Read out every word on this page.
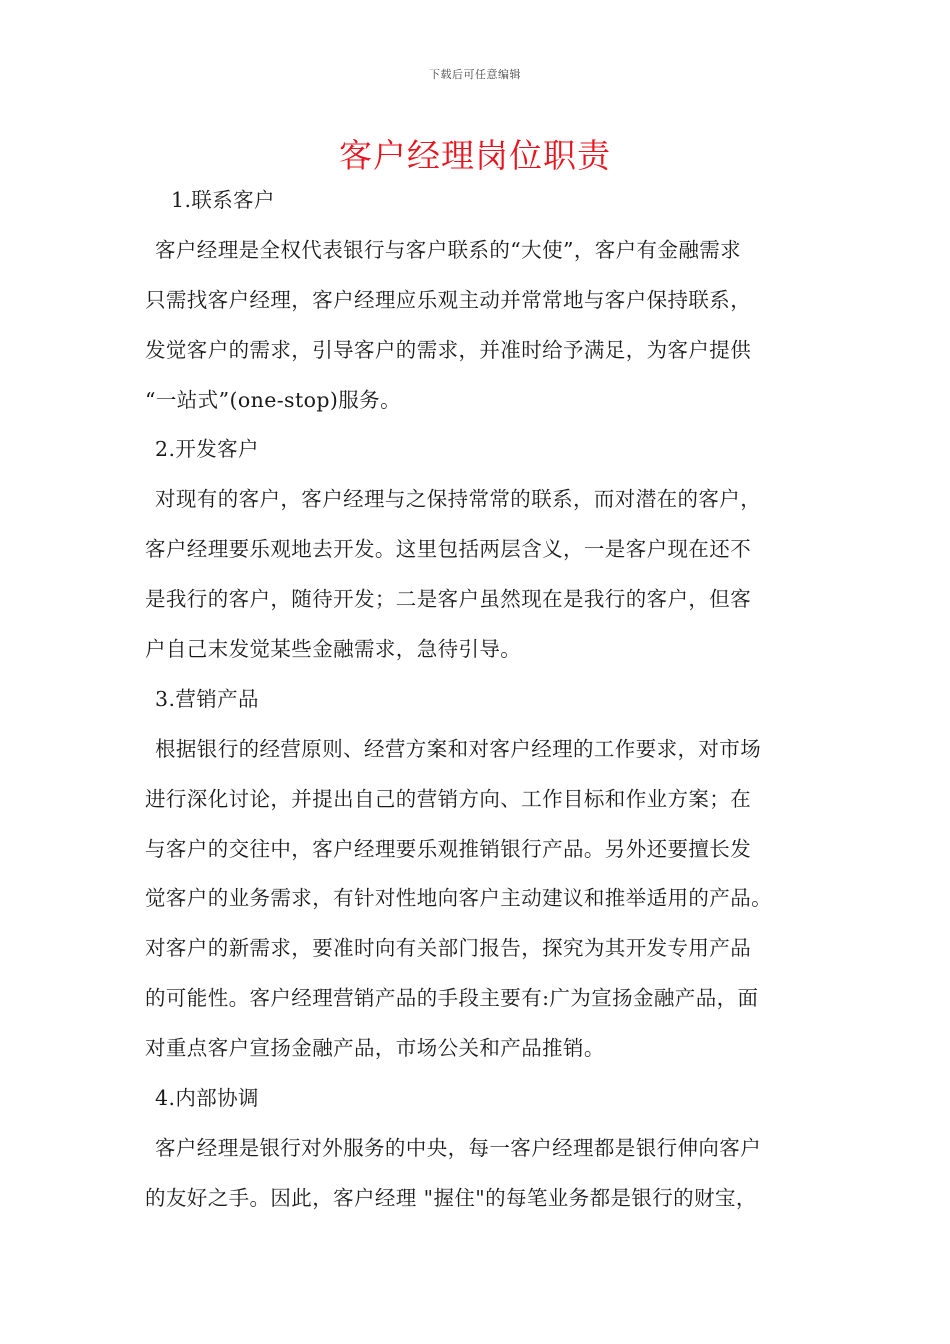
下载后可任意编辑
客户经理岗位职责
1.联系客户
客户经理是全权代表银行与客户联系的“大使”，客户有金融需求
只需找客户经理，客户经理应乐观主动并常常地与客户保持联系，
发觉客户的需求，引导客户的需求，并准时给予满足，为客户提供
“一站式”(one-stop)服务。
2.开发客户
对现有的客户，客户经理与之保持常常的联系，而对潜在的客户，
客户经理要乐观地去开发。这里包括两层含义，一是客户现在还不
是我行的客户，随待开发；二是客户虽然现在是我行的客户，但客
户自己末发觉某些金融需求，急待引导。
3.营销产品
根据银行的经营原则、经营方案和对客户经理的工作要求，对市场
进行深化讨论，并提出自己的营销方向、工作目标和作业方案；在
与客户的交往中，客户经理要乐观推销银行产品。另外还要擅长发
觉客户的业务需求，有针对性地向客户主动建议和推举适用的产品。
对客户的新需求，要准时向有关部门报告，探究为其开发专用产品
的可能性。客户经理营销产品的手段主要有:广为宣扬金融产品，面
对重点客户宣扬金融产品，市场公关和产品推销。
4.内部协调
客户经理是银行对外服务的中央，每一客户经理都是银行伸向客户
的友好之手。因此，客户经理 "握住"的每笔业务都是银行的财宝，
